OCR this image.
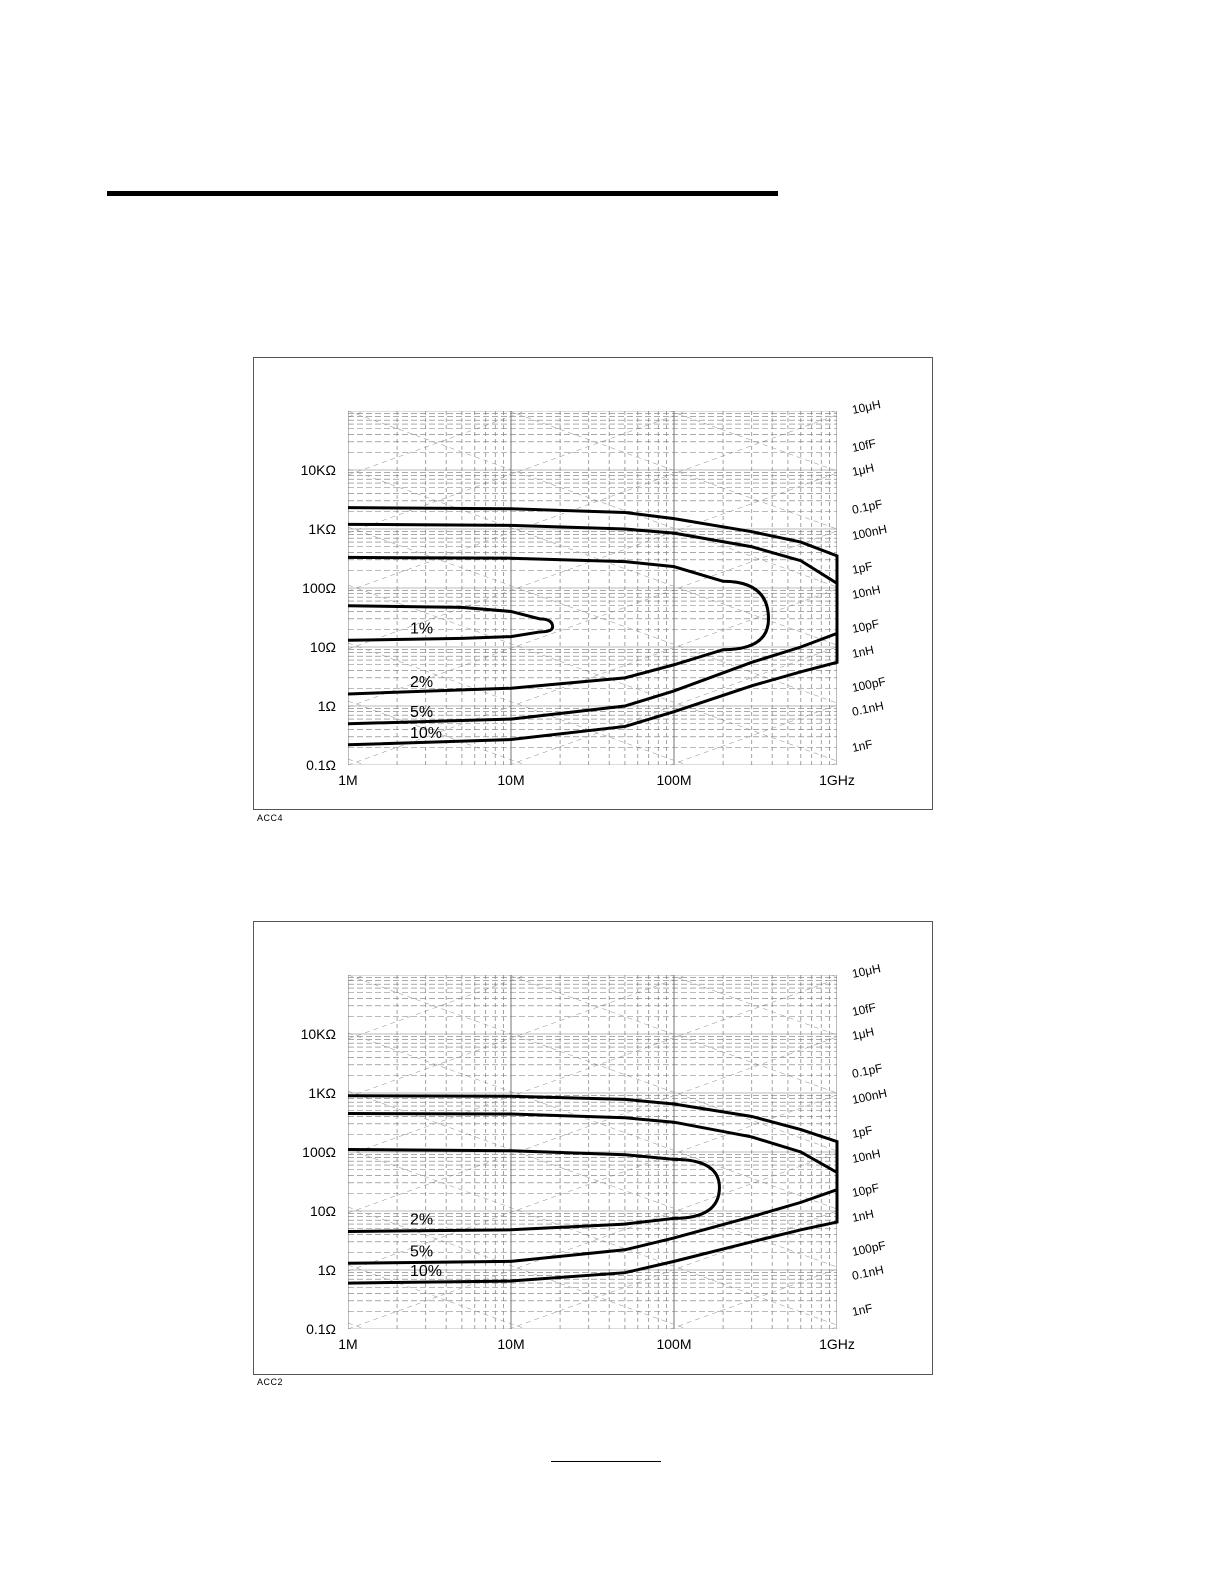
10KΩ
1KΩ
100Ω
10Ω
1Ω
0.1Ω
1M	10M	100M	1GHz
10μH
10fF
1μH
0.1pF
100nH
1pF
10nH
10pF
1nH
100pF
0.1nH
1nF
1%
2%
5%
10%
ACC4
10KΩ
1KΩ
100Ω
10Ω
1Ω
0.1Ω
1M	10M	100M	1GHz
10μH
10fF
1μH
0.1pF
100nH
1pF
10nH
10pF
1nH
100pF
0.1nH
1nF
2%
5%
10%
ACC2
